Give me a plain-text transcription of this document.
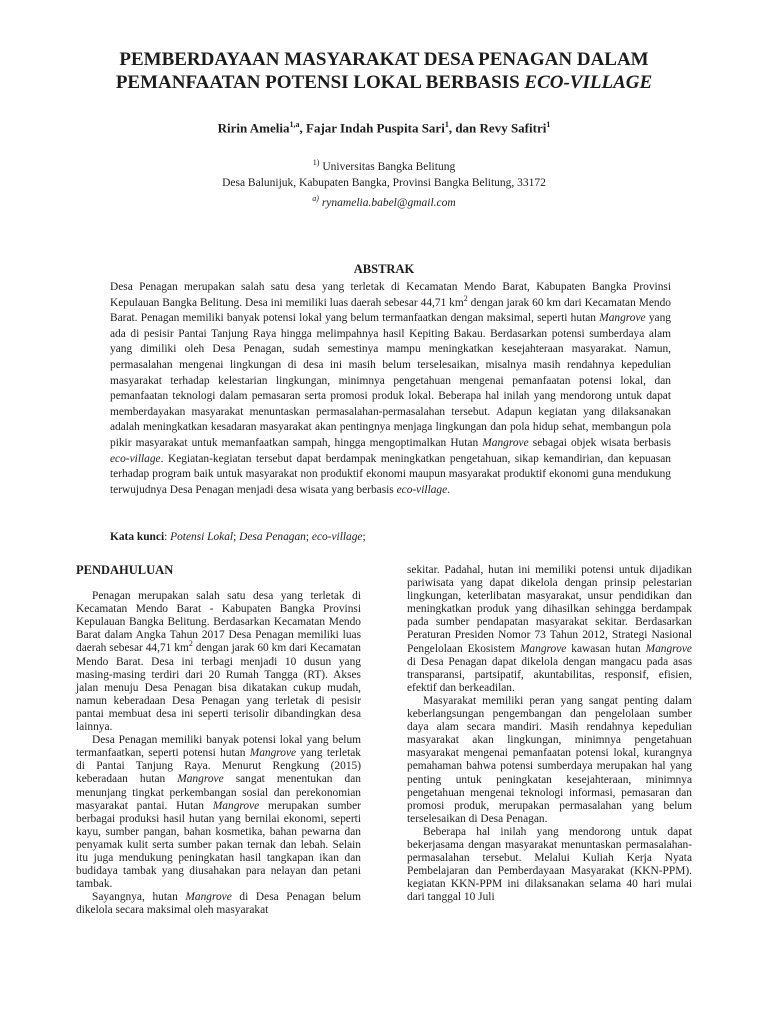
PEMBERDAYAAN MASYARAKAT DESA PENAGAN DALAM
PEMANFAATAN POTENSI LOKAL BERBASIS ECO-VILLAGE
Ririn Amelia$^{1,a}$, Fajar Indah Puspita Sari$^1$, dan Revy Safitri$^1$
$^{1)}$ Universitas Bangka Belitung
Desa Balunijuk, Kabupaten Bangka, Provinsi Bangka Belitung, 33172
$^{a)}$ rynamelia.babel@gmail.com
ABSTRAK
Desa Penagan merupakan salah satu desa yang terletak di Kecamatan Mendo Barat, Kabupaten Bangka Provinsi Kepulauan Bangka Belitung. Desa ini memiliki luas daerah sebesar 44,71 $km^2$ dengan jarak 60 km dari Kecamatan Mendo Barat. Penagan memiliki banyak potensi lokal yang belum termanfaatkan dengan maksimal, seperti hutan Mangrove yang ada di pesisir Pantai Tanjung Raya hingga melimpahnya hasil Kepiting Bakau. Berdasarkan potensi sumberdaya alam yang dimiliki oleh Desa Penagan, sudah semestinya mampu meningkatkan kesejahteraan masyarakat. Namun, permasalahan mengenai lingkungan di desa ini masih belum terselesaikan, misalnya masih rendahnya kepedulian masyarakat terhadap kelestarian lingkungan, minimnya pengetahuan mengenai pemanfaatan potensi lokal, dan pemanfaatan teknologi dalam pemasaran serta promosi produk lokal. Beberapa hal inilah yang mendorong untuk dapat memberdayakan masyarakat menuntaskan permasalahan-permasalahan tersebut. Adapun kegiatan yang dilaksanakan adalah meningkatkan kesadaran masyarakat akan pentingnya menjaga lingkungan dan pola hidup sehat, membangun pola pikir masyarakat untuk memanfaatkan sampah, hingga mengoptimalkan Hutan Mangrove sebagai objek wisata berbasis eco-village. Kegiatan-kegiatan tersebut dapat berdampak meningkatkan pengetahuan, sikap kemandirian, dan kepuasan terhadap program baik untuk masyarakat non produktif ekonomi maupun masyarakat produktif ekonomi guna mendukung terwujudnya Desa Penagan menjadi desa wisata yang berbasis eco-village.
Kata kunci: Potensi Lokal; Desa Penagan; eco-village;
PENDAHULUAN

Penagan merupakan salah satu desa yang terletak di Kecamatan Mendo Barat - Kabupaten Bangka Provinsi Kepulauan Bangka Belitung. Berdasarkan Kecamatan Mendo Barat dalam Angka Tahun 2017 Desa Penagan memiliki luas daerah sebesar 44,71 $km^2$ dengan jarak 60 km dari Kecamatan Mendo Barat. Desa ini terbagi menjadi 10 dusun yang masing-masing terdiri dari 20 Rumah Tangga (RT). Akses jalan menuju Desa Penagan bisa dikatakan cukup mudah, namun keberadaan Desa Penagan yang terletak di pesisir pantai membuat desa ini seperti terisolir dibandingkan desa lainnya.

Desa Penagan memiliki banyak potensi lokal yang belum termanfaatkan, seperti potensi hutan Mangrove yang terletak di Pantai Tanjung Raya. Menurut Rengkung (2015) keberadaan hutan Mangrove sangat menentukan dan menunjang tingkat perkembangan sosial dan perekonomian masyarakat pantai. Hutan Mangrove merupakan sumber berbagai produksi hasil hutan yang bernilai ekonomi, seperti kayu, sumber pangan, bahan kosmetika, bahan pewarna dan penyamak kulit serta sumber pakan ternak dan lebah. Selain itu juga mendukung peningkatan hasil tangkapan ikan dan budidaya tambak yang diusahakan para nelayan dan petani tambak.

Sayangnya, hutan Mangrove di Desa Penagan belum dikelola secara maksimal oleh masyarakat

sekitar. Padahal, hutan ini memiliki potensi untuk dijadikan pariwisata yang dapat dikelola dengan prinsip pelestarian lingkungan, keterlibatan masyarakat, unsur pendidikan dan meningkatkan produk yang dihasilkan sehingga berdampak pada sumber pendapatan masyarakat sekitar. Berdasarkan Peraturan Presiden Nomor 73 Tahun 2012, Strategi Nasional Pengelolaan Ekosistem Mangrove kawasan hutan Mangrove di Desa Penagan dapat dikelola dengan mangacu pada asas transparansi, partsipatif, akuntabilitas, responsif, efisien, efektif dan berkeadilan.

Masyarakat memiliki peran yang sangat penting dalam keberlangsungan pengembangan dan pengelolaan sumber daya alam secara mandiri. Masih rendahnya kepedulian masyarakat akan lingkungan, minimnya pengetahuan masyarakat mengenai pemanfaatan potensi lokal, kurangnya pemahaman bahwa potensi sumberdaya merupakan hal yang penting untuk peningkatan kesejahteraan, minimnya pengetahuan mengenai teknologi informasi, pemasaran dan promosi produk, merupakan permasalahan yang belum terselesaikan di Desa Penagan.

Beberapa hal inilah yang mendorong untuk dapat bekerjasama dengan masyarakat menuntaskan permasalahan-permasalahan tersebut. Melalui Kuliah Kerja Nyata Pembelajaran dan Pemberdayaan Masyarakat (KKN-PPM). kegiatan KKN-PPM ini dilaksanakan selama 40 hari mulai dari tanggal 10 Juli
